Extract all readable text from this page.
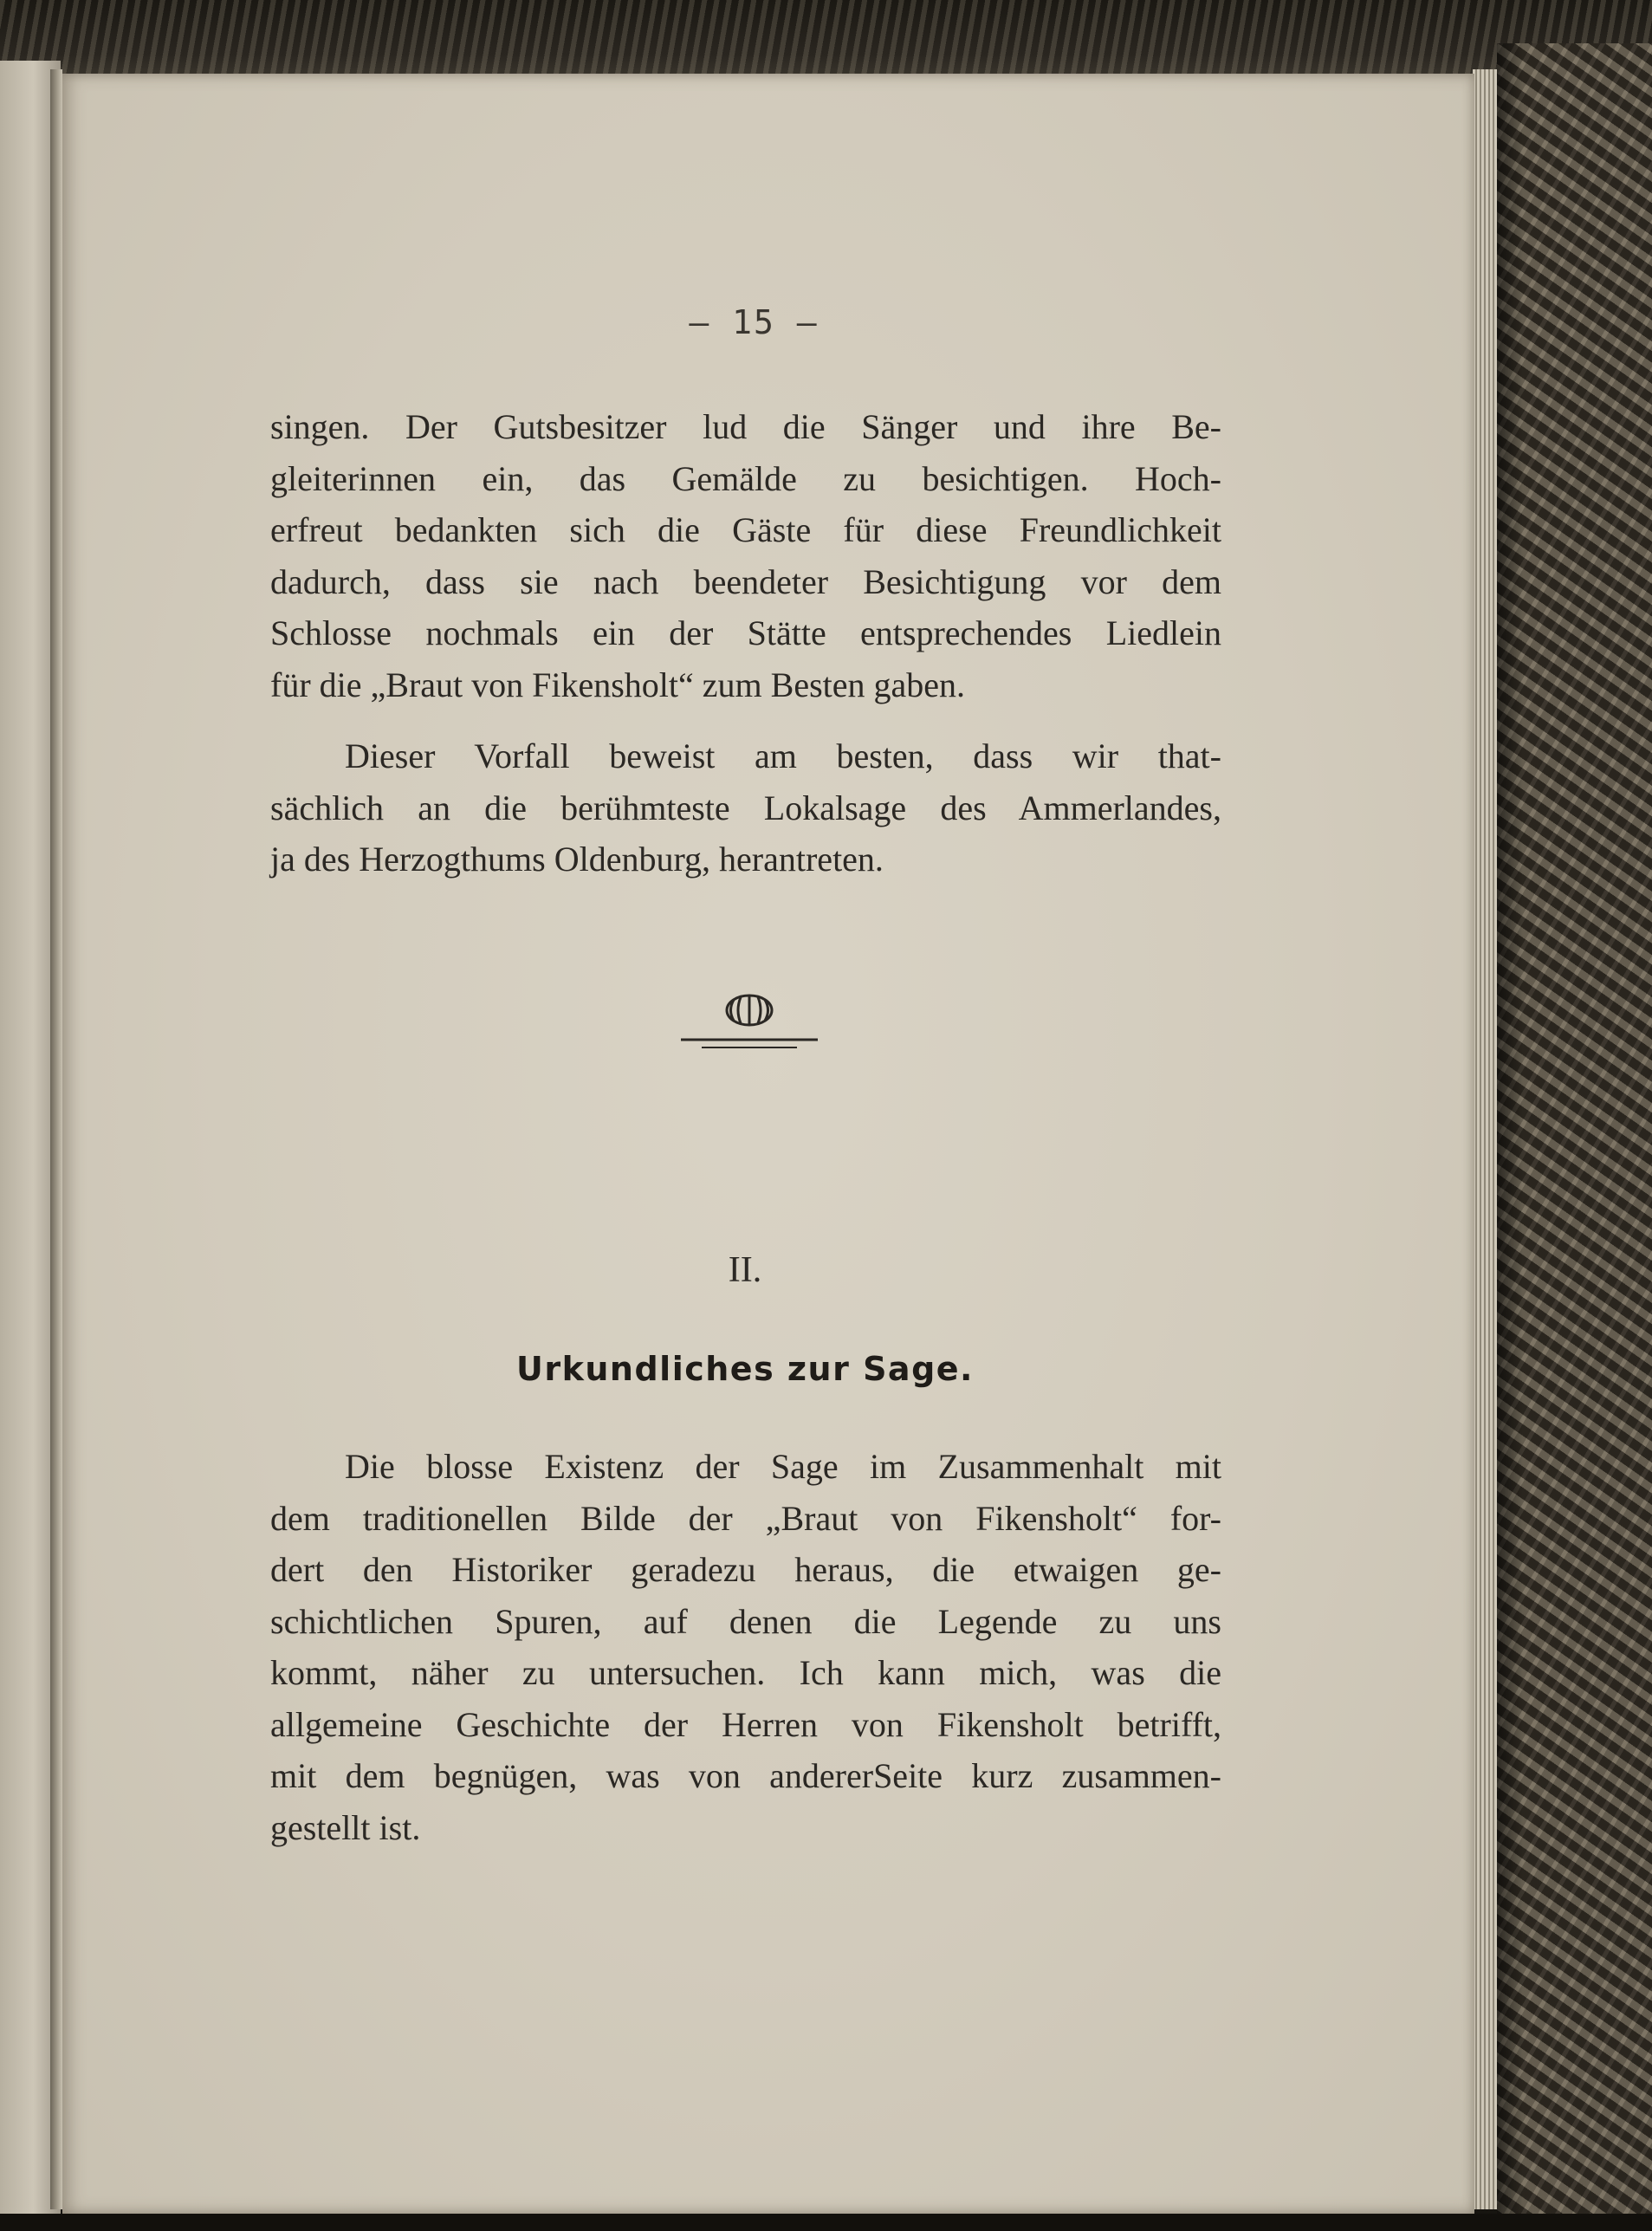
— 15 —
singen. Der Gutsbesitzer lud die Sänger und ihre Be-
gleiterinnen ein, das Gemälde zu besichtigen. Hoch-
erfreut bedankten sich die Gäste für diese Freundlichkeit
dadurch, dass sie nach beendeter Besichtigung vor dem
Schlosse nochmals ein der Stätte entsprechendes Liedlein
für die „Braut von Fikensholt“ zum Besten gaben.
Dieser Vorfall beweist am besten, dass wir that-
sächlich an die berühmteste Lokalsage des Ammerlandes,
ja des Herzogthums Oldenburg, herantreten.
II.
Urkundliches zur Sage.
Die blosse Existenz der Sage im Zusammenhalt mit
dem traditionellen Bilde der „Braut von Fikensholt“ for-
dert den Historiker geradezu heraus, die etwaigen ge-
schichtlichen Spuren, auf denen die Legende zu uns
kommt, näher zu untersuchen. Ich kann mich, was die
allgemeine Geschichte der Herren von Fikensholt betrifft,
mit dem begnügen, was von andererSeite kurz zusammen-
gestellt ist.
